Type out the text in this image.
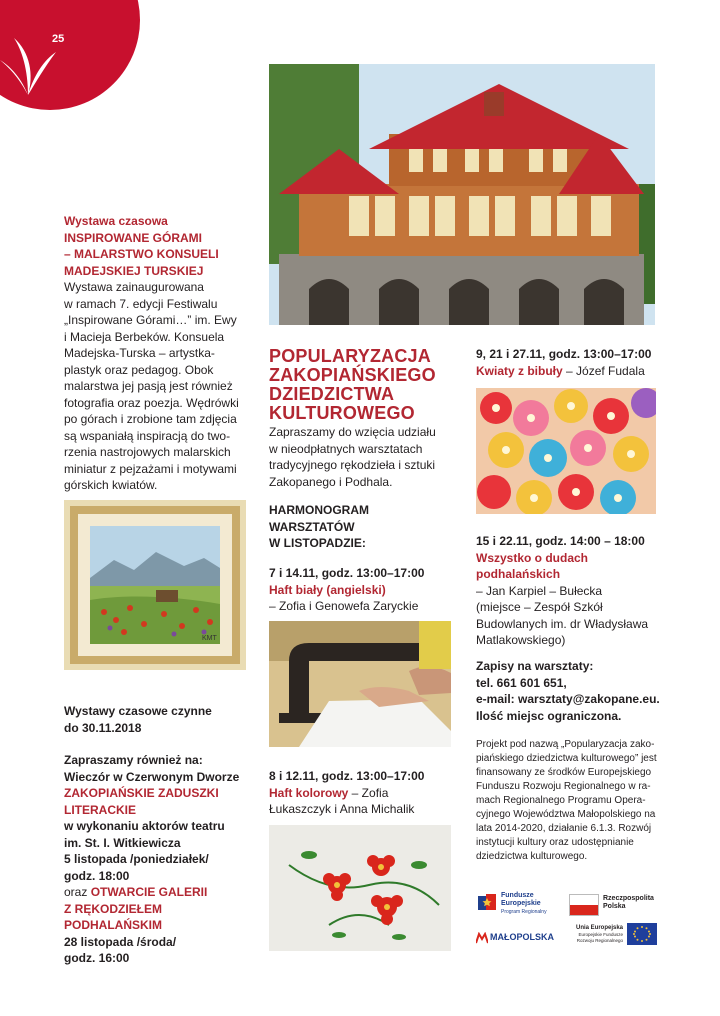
25
Wystawa czasowa
INSPIROWANE GÓRAMI
– MALARSTWO KONSUELI
MADEJSKIEJ TURSKIEJ
Wystawa zainaugurowana
w ramach 7. edycji Festiwalu
„Inspirowane Górami…” im. Ewy
i Macieja Berbeków. Konsuela
Madejska-Turska – artystka-
plastyk oraz pedagog. Obok
malarstwa jej pasją jest również
fotografia oraz poezja. Wędrówki
po górach i zrobione tam zdjęcia
są wspaniałą inspiracją do two-
rzenia nastrojowych malarskich
miniatur z pejzażami i motywami
górskich kwiatów.
KMT
Wystawy czasowe czynne
do 30.11.2018
Zapraszamy również na:
Wieczór w Czerwonym Dworze
ZAKOPIAŃSKIE ZADUSZKI
LITERACKIE
w wykonaniu aktorów teatru
im. St. I. Witkiewicza
5 listopada /poniedziałek/
godz. 18:00
oraz OTWARCIE GALERII
Z RĘKODZIEŁEM
PODHALAŃSKIM
28 listopada /środa/
godz. 16:00
POPULARYZACJA
ZAKOPIAŃSKIEGO
DZIEDZICTWA
KULTUROWEGO
Zapraszamy do wzięcia udziału
w nieodpłatnych warsztatach
tradycyjnego rękodzieła i sztuki
Zakopanego i Podhala.
HARMONOGRAM
WARSZTATÓW
W LISTOPADZIE:
7 i 14.11, godz. 13:00–17:00
Haft biały (angielski)
– Zofia i Genowefa Zaryckie
8 i 12.11, godz. 13:00–17:00
Haft kolorowy – Zofia
Łukaszczyk i Anna Michalik
9, 21 i 27.11, godz. 13:00–17:00
Kwiaty z bibuły – Józef Fudala
15 i 22.11, godz. 14:00 – 18:00
Wszystko o dudach
podhalańskich
– Jan Karpiel – Bułecka
(miejsce – Zespół Szkół
Budowlanych im. dr Władysława
Matlakowskiego)
Zapisy na warsztaty:
tel. 661 601 651,
e-mail: warsztaty@zakopane.eu.
Ilość miejsc ograniczona.
Projekt pod nazwą „Popularyzacja zako-
piańskiego dziedzictwa kulturowego” jest
finansowany ze środków Europejskiego
Funduszu Rozwoju Regionalnego w ra-
mach Regionalnego Programu Opera-
cyjnego Województwa Małopolskiego na
lata 2014-2020, działanie 6.1.3. Rozwój
instytucji kultury oraz udostępnianie
dziedzictwa kulturowego.
Fundusze
Europejskie
Program Regionalny
Rzeczpospolita
Polska
MAŁOPOLSKA
Unia Europejska
Europejskie Fundusze
Rozwoju Regionalnego
